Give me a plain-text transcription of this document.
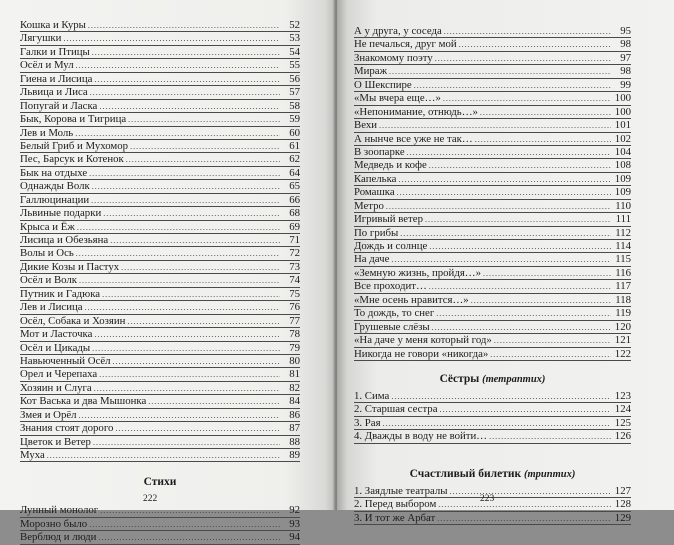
Кошка и Куры .....	52
Лягушки .....	53
Галки и Птицы .....	54
Осёл и Мул .....	55
Гиена и Лисица .....	56
Львица и Лиса .....	57
Попугай и Ласка .....	58
Бык, Корова и Тигрица .....	59
Лев и Моль .....	60
Белый Гриб и Мухомор .....	61
Пес, Барсук и Котенок .....	62
Бык на отдыхе .....	64
Однажды Волк .....	65
Галлюцинации .....	66
Львиные подарки .....	68
Крыса и Ёж .....	69
Лисица и Обезьяна .....	71
Волы и Ось .....	72
Дикие Козы и Пастух .....	73
Осёл и Волк .....	74
Путник и Гадюка .....	75
Лев и Лисица .....	76
Осёл, Собака и Хозяин .....	77
Мот и Ласточка .....	78
Осёл и Цикады .....	79
Навьюченный Осёл .....	80
Орел и Черепаха .....	81
Хозяин и Слуга .....	82
Кот Васька и два Мышонка .....	84
Змея и Орёл .....	86
Знания стоят дорого .....	87
Цветок и Ветер .....	88
Муха .....	89
Стихи
Лунный монолог .....	92
Морозно было .....	93
Верблюд и люди .....	94
222
А у друга, у соседа .....	95
Не печалься, друг мой .....	98
Знакомому поэту .....	97
Мираж .....	98
О Шекспире .....	99
«Мы вчера еще…» .....	100
«Непонимание, отнюдь…» .....	100
Вехи .....	101
А нынче все уже не так… .....	102
В зоопарке .....	104
Медведь и кофе .....	108
Капелька .....	109
Ромашка .....	109
Метро .....	110
Игривый ветер .....	111
По грибы .....	112
Дождь и солнце .....	114
На даче .....	115
«Земную жизнь, пройдя…» .....	116
Все проходит… .....	117
«Мне осень нравится…» .....	118
То дождь, то снег .....	119
Грушевые слёзы .....	120
«На даче у меня который год» .....	121
Никогда не говори «никогда» .....	122
Сёстры (тетраптих)
1. Сима .....	123
2. Старшая сестра .....	124
3. Рая .....	125
4. Дважды в воду не войти… .....	126
Счастливый билетик (триптих)
1. Заядлые театралы .....	127
2. Перед выбором .....	128
3. И тот же Арбат .....	129
223
